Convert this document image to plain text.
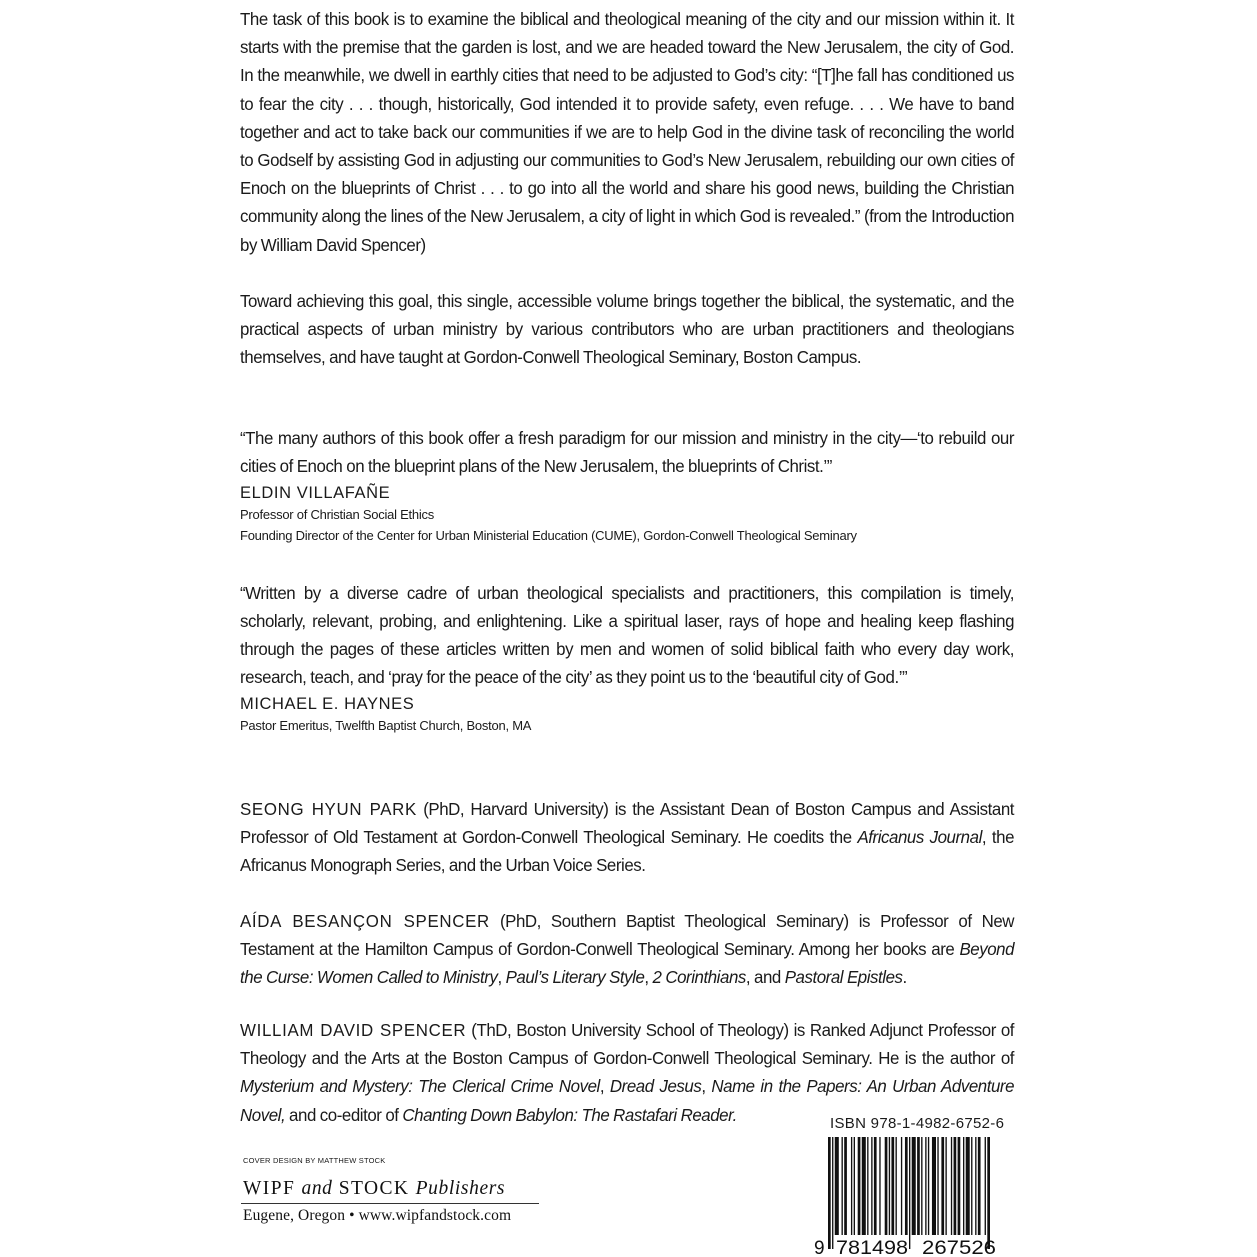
The task of this book is to examine the biblical and theological meaning of the city and our mission within it. It starts with the premise that the garden is lost, and we are headed toward the New Jerusalem, the city of God. In the meanwhile, we dwell in earthly cities that need to be adjusted to God’s city: “[T]he fall has conditioned us to fear the city . . . though, historically, God intended it to provide safety, even refuge. . . . We have to band together and act to take back our communities if we are to help God in the divine task of reconciling the world to Godself by assisting God in adjusting our communities to God’s New Jerusalem, rebuilding our own cities of Enoch on the blueprints of Christ . . . to go into all the world and share his good news, building the Christian community along the lines of the New Jerusalem, a city of light in which God is revealed.” (from the Introduction by William David Spencer)

Toward achieving this goal, this single, accessible volume brings together the biblical, the systematic, and the practical aspects of urban ministry by various contributors who are urban practitioners and theologians themselves, and have taught at Gordon-Conwell Theological Seminary, Boston Campus.

“The many authors of this book offer a fresh paradigm for our mission and ministry in the city—‘to rebuild our cities of Enoch on the blueprint plans of the New Jerusalem, the blueprints of Christ.’”

ELDIN VILLAFAÑE
Professor of Christian Social Ethics
Founding Director of the Center for Urban Ministerial Education (CUME), Gordon-Conwell Theological Seminary

“Written by a diverse cadre of urban theological specialists and practitioners, this compilation is timely, scholarly, relevant, probing, and enlightening. Like a spiritual laser, rays of hope and healing keep flashing through the pages of these articles written by men and women of solid biblical faith who every day work, research, teach, and ‘pray for the peace of the city’ as they point us to the ‘beautiful city of God.’”

MICHAEL E. HAYNES
Pastor Emeritus, Twelfth Baptist Church, Boston, MA

SEONG HYUN PARK (PhD, Harvard University) is the Assistant Dean of Boston Campus and Assistant Professor of Old Testament at Gordon-Conwell Theological Seminary. He coedits the Africanus Journal, the Africanus Monograph Series, and the Urban Voice Series.

AÍDA BESANÇON SPENCER (PhD, Southern Baptist Theological Seminary) is Professor of New Testament at the Hamilton Campus of Gordon-Conwell Theological Seminary. Among her books are Beyond the Curse: Women Called to Ministry, Paul’s Literary Style, 2 Corinthians, and Pastoral Epistles.

WILLIAM DAVID SPENCER (ThD, Boston University School of Theology) is Ranked Adjunct Professor of Theology and the Arts at the Boston Campus of Gordon-Conwell Theological Seminary. He is the author of Mysterium and Mystery: The Clerical Crime Novel, Dread Jesus, Name in the Papers: An Urban Adventure Novel, and co-editor of Chanting Down Babylon: The Rastafari Reader.

COVER DESIGN BY MATTHEW STOCK
WIPF and STOCK Publishers
Eugene, Oregon • www.wipfandstock.com
ISBN 978-1-4982-6752-6
9 781498 267526
